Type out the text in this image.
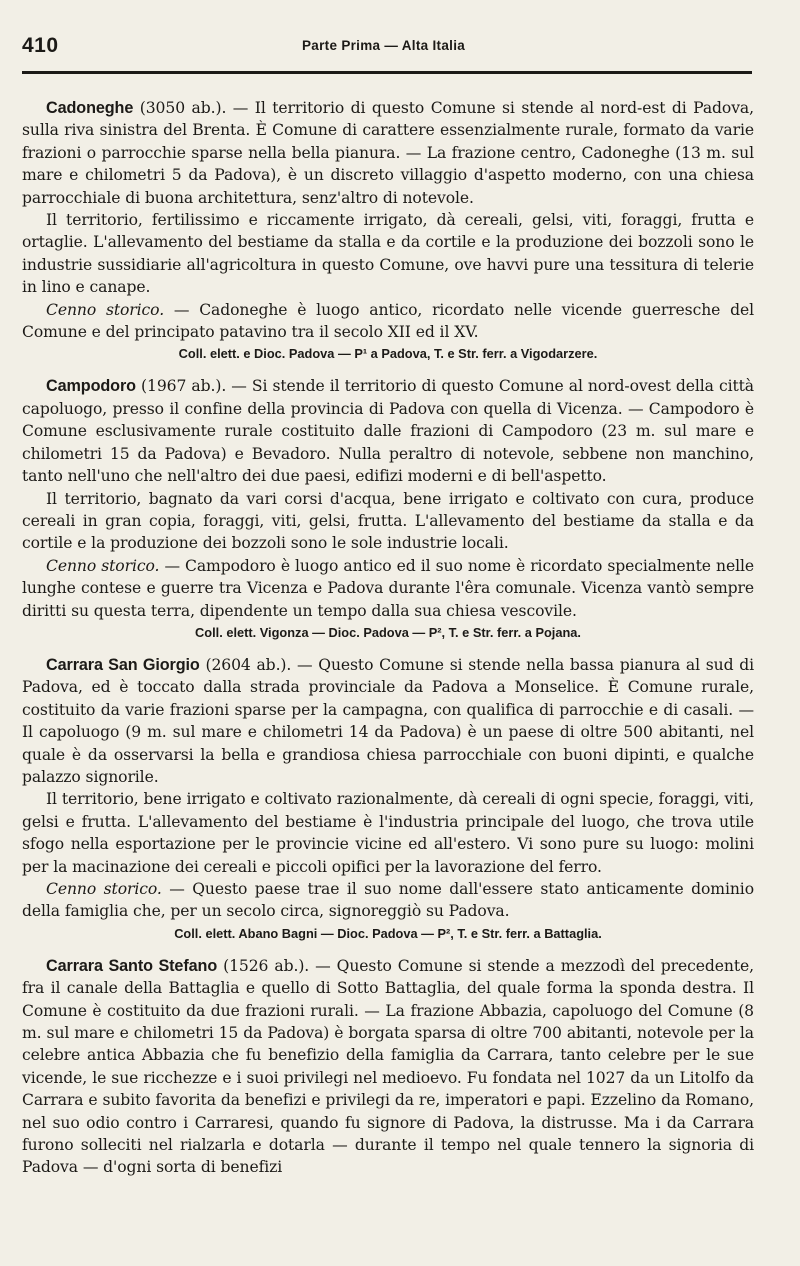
410	Parte Prima — Alta Italia

Cadoneghe (3050 ab.). — Il territorio di questo Comune si stende al nord-est di Padova, sulla riva sinistra del Brenta. È Comune di carattere essenzialmente rurale, formato da varie frazioni o parrocchie sparse nella bella pianura. — La frazione centro, Cadoneghe (13 m. sul mare e chilometri 5 da Padova), è un discreto villaggio d'aspetto moderno, con una chiesa parrocchiale di buona architettura, senz'altro di notevole.

Il territorio, fertilissimo e riccamente irrigato, dà cereali, gelsi, viti, foraggi, frutta e ortaglie. L'allevamento del bestiame da stalla e da cortile e la produzione dei bozzoli sono le industrie sussidiarie all'agricoltura in questo Comune, ove havvi pure una tessitura di telerie in lino e canape.

Cenno storico. — Cadoneghe è luogo antico, ricordato nelle vicende guerresche del Comune e del principato patavino tra il secolo XII ed il XV.

Coll. elett. e Dioc. Padova — P¹ a Padova, T. e Str. ferr. a Vigodarzere.

Campodoro (1967 ab.). — Si stende il territorio di questo Comune al nord-ovest della città capoluogo, presso il confine della provincia di Padova con quella di Vicenza. — Campodoro è Comune esclusivamente rurale costituito dalle frazioni di Campodoro (23 m. sul mare e chilometri 15 da Padova) e Bevadoro. Nulla peraltro di notevole, sebbene non manchino, tanto nell'uno che nell'altro dei due paesi, edifizi moderni e di bell'aspetto.

Il territorio, bagnato da vari corsi d'acqua, bene irrigato e coltivato con cura, produce cereali in gran copia, foraggi, viti, gelsi, frutta. L'allevamento del bestiame da stalla e da cortile e la produzione dei bozzoli sono le sole industrie locali.

Cenno storico. — Campodoro è luogo antico ed il suo nome è ricordato specialmente nelle lunghe contese e guerre tra Vicenza e Padova durante l'êra comunale. Vicenza vantò sempre diritti su questa terra, dipendente un tempo dalla sua chiesa vescovile.

Coll. elett. Vigonza — Dioc. Padova — P², T. e Str. ferr. a Pojana.

Carrara San Giorgio (2604 ab.). — Questo Comune si stende nella bassa pianura al sud di Padova, ed è toccato dalla strada provinciale da Padova a Monselice. È Comune rurale, costituito da varie frazioni sparse per la campagna, con qualifica di parrocchie e di casali. — Il capoluogo (9 m. sul mare e chilometri 14 da Padova) è un paese di oltre 500 abitanti, nel quale è da osservarsi la bella e grandiosa chiesa parrocchiale con buoni dipinti, e qualche palazzo signorile.

Il territorio, bene irrigato e coltivato razionalmente, dà cereali di ogni specie, foraggi, viti, gelsi e frutta. L'allevamento del bestiame è l'industria principale del luogo, che trova utile sfogo nella esportazione per le provincie vicine ed all'estero. Vi sono pure su luogo: molini per la macinazione dei cereali e piccoli opifici per la lavorazione del ferro.

Cenno storico. — Questo paese trae il suo nome dall'essere stato anticamente dominio della famiglia che, per un secolo circa, signoreggiò su Padova.

Coll. elett. Abano Bagni — Dioc. Padova — P², T. e Str. ferr. a Battaglia.

Carrara Santo Stefano (1526 ab.). — Questo Comune si stende a mezzodì del precedente, fra il canale della Battaglia e quello di Sotto Battaglia, del quale forma la sponda destra. Il Comune è costituito da due frazioni rurali. — La frazione Abbazia, capoluogo del Comune (8 m. sul mare e chilometri 15 da Padova) è borgata sparsa di oltre 700 abitanti, notevole per la celebre antica Abbazia che fu benefizio della famiglia da Carrara, tanto celebre per le sue vicende, le sue ricchezze e i suoi privilegi nel medioevo. Fu fondata nel 1027 da un Litolfo da Carrara e subito favorita da benefizi e privilegi da re, imperatori e papi. Ezzelino da Romano, nel suo odio contro i Carraresi, quando fu signore di Padova, la distrusse. Ma i da Carrara furono solleciti nel rialzarla e dotarla — durante il tempo nel quale tennero la signoria di Padova — d'ogni sorta di benefizi
